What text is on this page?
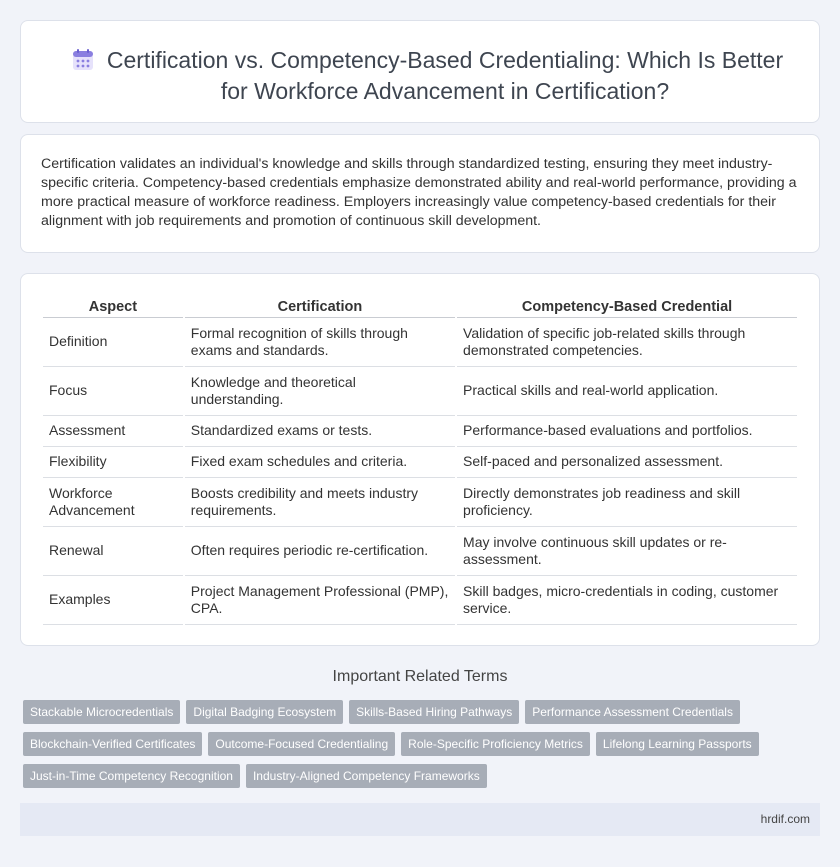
Certification vs. Competency-Based Credentialing: Which Is Better for Workforce Advancement in Certification?

Certification validates an individual's knowledge and skills through standardized testing, ensuring they meet industry-specific criteria. Competency-based credentials emphasize demonstrated ability and real-world performance, providing a more practical measure of workforce readiness. Employers increasingly value competency-based credentials for their alignment with job requirements and promotion of continuous skill development.

Aspect	Certification	Competency-Based Credential
Definition	Formal recognition of skills through exams and standards.	Validation of specific job-related skills through demonstrated competencies.
Focus	Knowledge and theoretical understanding.	Practical skills and real-world application.
Assessment	Standardized exams or tests.	Performance-based evaluations and portfolios.
Flexibility	Fixed exam schedules and criteria.	Self-paced and personalized assessment.
Workforce Advancement	Boosts credibility and meets industry requirements.	Directly demonstrates job readiness and skill proficiency.
Renewal	Often requires periodic re-certification.	May involve continuous skill updates or re-assessment.
Examples	Project Management Professional (PMP), CPA.	Skill badges, micro-credentials in coding, customer service.
Important Related Terms
Stackable Microcredentials	Digital Badging Ecosystem	Skills-Based Hiring Pathways	Performance Assessment Credentials
Blockchain-Verified Certificates	Outcome-Focused Credentialing	Role-Specific Proficiency Metrics	Lifelong Learning Passports
Just-in-Time Competency Recognition	Industry-Aligned Competency Frameworks
hrdif.com
